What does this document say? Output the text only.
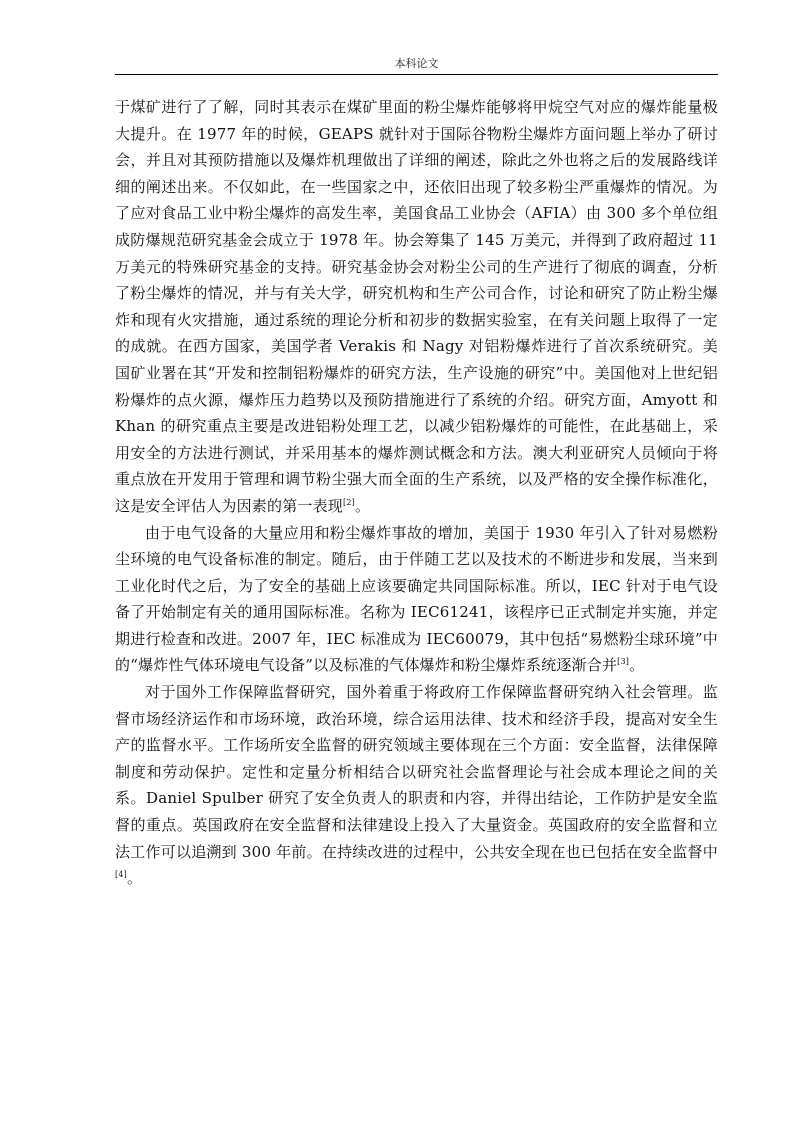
本科论文

于煤矿进行了了解，同时其表示在煤矿里面的粉尘爆炸能够将甲烷空气对应的爆炸能量极大提升。在 1977 年的时候，GEAPS 就针对于国际谷物粉尘爆炸方面问题上举办了研讨会，并且对其预防措施以及爆炸机理做出了详细的阐述，除此之外也将之后的发展路线详细的阐述出来。不仅如此，在一些国家之中，还依旧出现了较多粉尘严重爆炸的情况。为了应对食品工业中粉尘爆炸的高发生率，美国食品工业协会（AFIA）由 300 多个单位组成防爆规范研究基金会成立于 1978 年。协会筹集了 145 万美元，并得到了政府超过 11 万美元的特殊研究基金的支持。研究基金协会对粉尘公司的生产进行了彻底的调查，分析了粉尘爆炸的情况，并与有关大学，研究机构和生产公司合作，讨论和研究了防止粉尘爆炸和现有火灾措施，通过系统的理论分析和初步的数据实验室，在有关问题上取得了一定的成就。在西方国家，美国学者 Verakis 和 Nagy 对铝粉爆炸进行了首次系统研究。美国矿业署在其“开发和控制铝粉爆炸的研究方法，生产设施的研究”中。美国他对上世纪铝粉爆炸的点火源，爆炸压力趋势以及预防措施进行了系统的介绍。研究方面，Amyott 和 Khan 的研究重点主要是改进铝粉处理工艺，以减少铝粉爆炸的可能性，在此基础上，采用安全的方法进行测试，并采用基本的爆炸测试概念和方法。澳大利亚研究人员倾向于将重点放在开发用于管理和调节粉尘强大而全面的生产系统，以及严格的安全操作标准化，这是安全评估人为因素的第一表现[2]。

由于电气设备的大量应用和粉尘爆炸事故的增加，美国于 1930 年引入了针对易燃粉尘环境的电气设备标准的制定。随后，由于伴随工艺以及技术的不断进步和发展，当来到工业化时代之后，为了安全的基础上应该要确定共同国际标准。所以，IEC 针对于电气设备了开始制定有关的通用国际标准。名称为 IEC61241，该程序已正式制定并实施，并定期进行检查和改进。2007 年，IEC 标准成为 IEC60079，其中包括“易燃粉尘球环境”中的“爆炸性气体环境电气设备”以及标准的气体爆炸和粉尘爆炸系统逐渐合并[3]。

对于国外工作保障监督研究，国外着重于将政府工作保障监督研究纳入社会管理。监督市场经济运作和市场环境，政治环境，综合运用法律、技术和经济手段，提高对安全生产的监督水平。工作场所安全监督的研究领域主要体现在三个方面：安全监督，法律保障制度和劳动保护。定性和定量分析相结合以研究社会监督理论与社会成本理论之间的关系。Daniel Spulber 研究了安全负责人的职责和内容，并得出结论，工作防护是安全监督的重点。英国政府在安全监督和法律建设上投入了大量资金。英国政府的安全监督和立法工作可以追溯到 300 年前。在持续改进的过程中，公共安全现在也已包括在安全监督中[4]。
